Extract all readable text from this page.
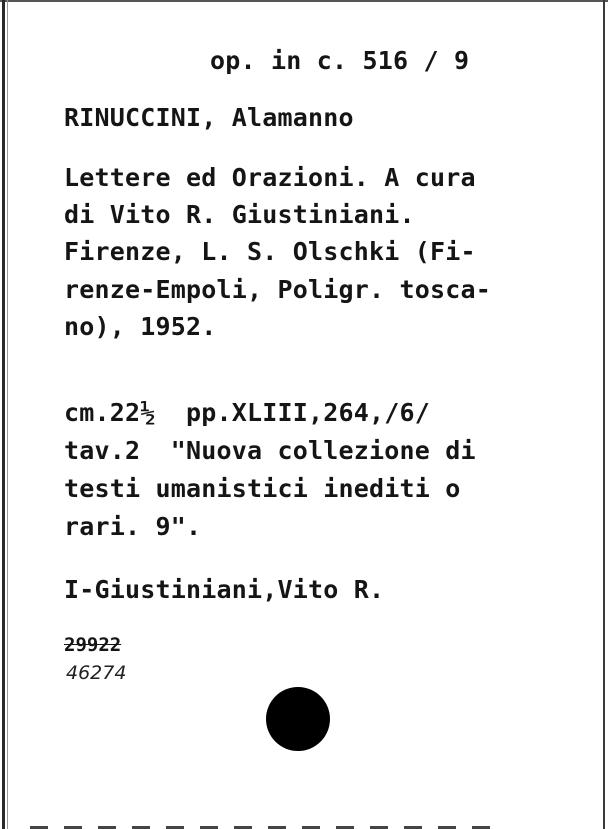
op. in c. 516 / 9

RINUCCINI, Alamanno

Lettere ed Orazioni. A cura

di Vito R. Giustiniani.

Firenze, L. S. Olschki (Fi-

renze-Empoli, Poligr. tosca-

no), 1952.

cm.22½  pp.XLIII,264,/6/

tav.2  "Nuova collezione di

testi umanistici inediti o

rari. 9".

I-Giustiniani,Vito R.

29922

46274
